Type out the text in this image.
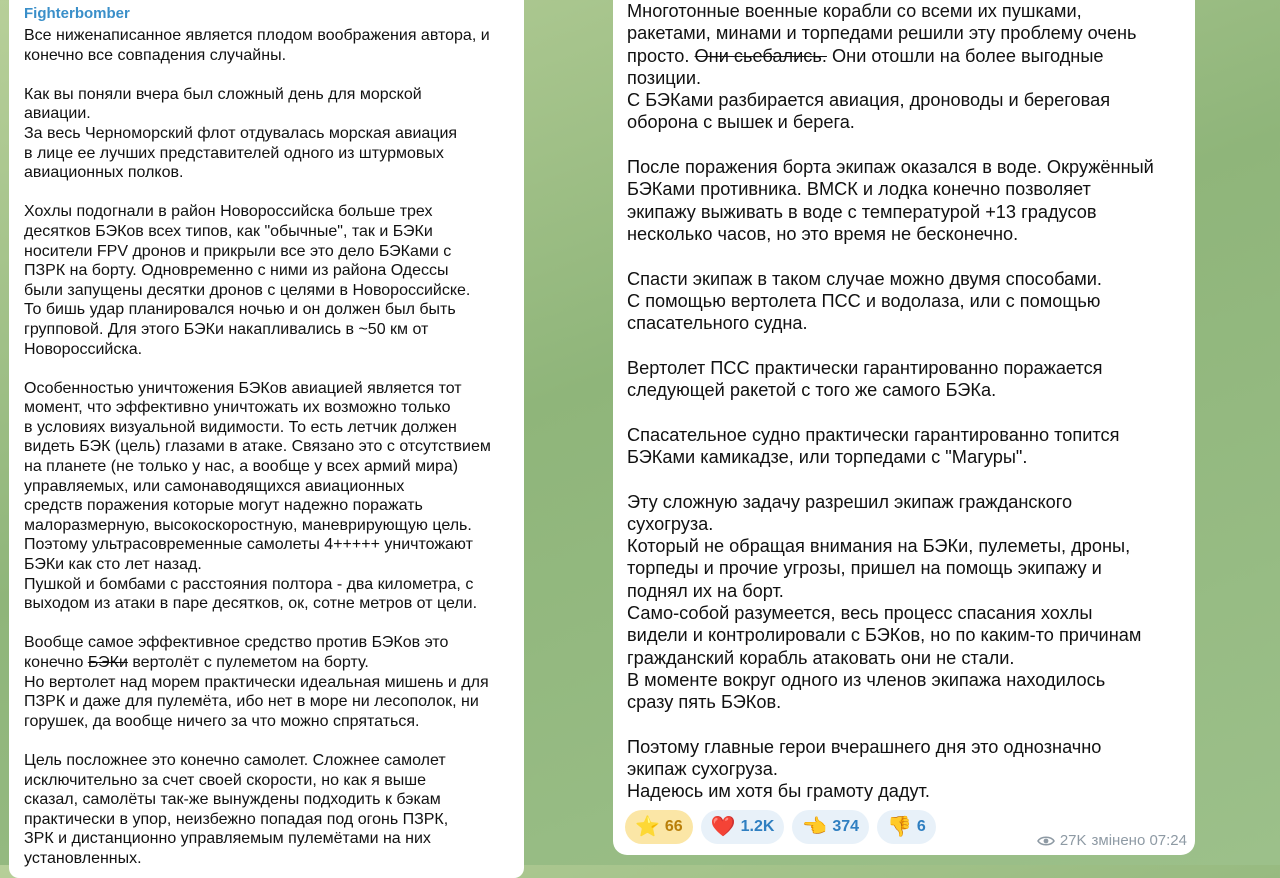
Fighterbomber

Все ниженаписанное является плодом воображения автора, и

конечно все совпадения случайны.

Как вы поняли вчера был сложный день для морской

авиации.

За весь Черноморский флот отдувалась морская авиация

в лице ее лучших представителей одного из штурмовых

авиационных полков.

Хохлы подогнали в район Новороссийска больше трех

десятков БЭКов всех типов, как "обычные", так и БЭКи

носители FPV дронов и прикрыли все это дело БЭКами с

ПЗРК на борту. Одновременно с ними из района Одессы

были запущены десятки дронов с целями в Новороссийске.

То бишь удар планировался ночью и он должен был быть

групповой. Для этого БЭКи накапливались в ~50 км от

Новороссийска.

Особенностью уничтожения БЭКов авиацией является тот

момент, что эффективно уничтожать их возможно только

в условиях визуальной видимости. То есть летчик должен

видеть БЭК (цель) глазами в атаке. Связано это с отсутствием

на планете (не только у нас, а вообще у всех армий мира)

управляемых, или самонаводящихся авиационных

средств поражения которые могут надежно поражать

малоразмерную, высокоскоростную, маневрирующую цель.

Поэтому ультрасовременные самолеты 4+++++ уничтожают

БЭКи как сто лет назад.

Пушкой и бомбами с расстояния полтора - два километра, с

выходом из атаки в паре десятков, ок, сотне метров от цели.

Вообще самое эффективное средство против БЭКов это

конечно БЭКи вертолёт с пулеметом на борту.

Но вертолет над морем практически идеальная мишень и для

ПЗРК и даже для пулемёта, ибо нет в море ни лесополок, ни

горушек, да вообще ничего за что можно спрятаться.

Цель посложнее это конечно самолет. Сложнее самолет

исключительно за счет своей скорости, но как я выше

сказал, самолёты так-же вынуждены подходить к бэкам

практически в упор, неизбежно попадая под огонь ПЗРК,

ЗРК и дистанционно управляемым пулемётами на них

установленных.

Многотонные военные корабли со всеми их пушками,

ракетами, минами и торпедами решили эту проблему очень

просто. Они сьебались. Они отошли на более выгодные

позиции.

С БЭКами разбирается авиация, дроноводы и береговая

оборона с вышек и берега.

После поражения борта экипаж оказался в воде. Окружённый

БЭКами противника. ВМСК и лодка конечно позволяет

экипажу выживать в воде с температурой +13 градусов

несколько часов, но это время не бесконечно.

Спасти экипаж в таком случае можно двумя способами.

С помощью вертолета ПСС и водолаза, или с помощью

спасательного судна.

Вертолет ПСС практически гарантированно поражается

следующей ракетой с того же самого БЭКа.

Спасательное судно практически гарантированно топится

БЭКами камикадзе, или торпедами с "Магуры".

Эту сложную задачу разрешил экипаж гражданского

сухогруза.

Который не обращая внимания на БЭКи, пулеметы, дроны,

торпеды и прочие угрозы, пришел на помощь экипажу и

поднял их на борт.

Само-собой разумеется, весь процесс спасания хохлы

видели и контролировали с БЭКов, но по каким-то причинам

гражданский корабль атаковать они не стали.

В моменте вокруг одного из членов экипажа находилось

сразу пять БЭКов.

Поэтому главные герои вчерашнего дня это однозначно

экипаж сухогруза.

Надеюсь им хотя бы грамоту дадут.

⭐ 66 ❤️ 1.2K 👈 374 👎 6
27K змінено 07:24
